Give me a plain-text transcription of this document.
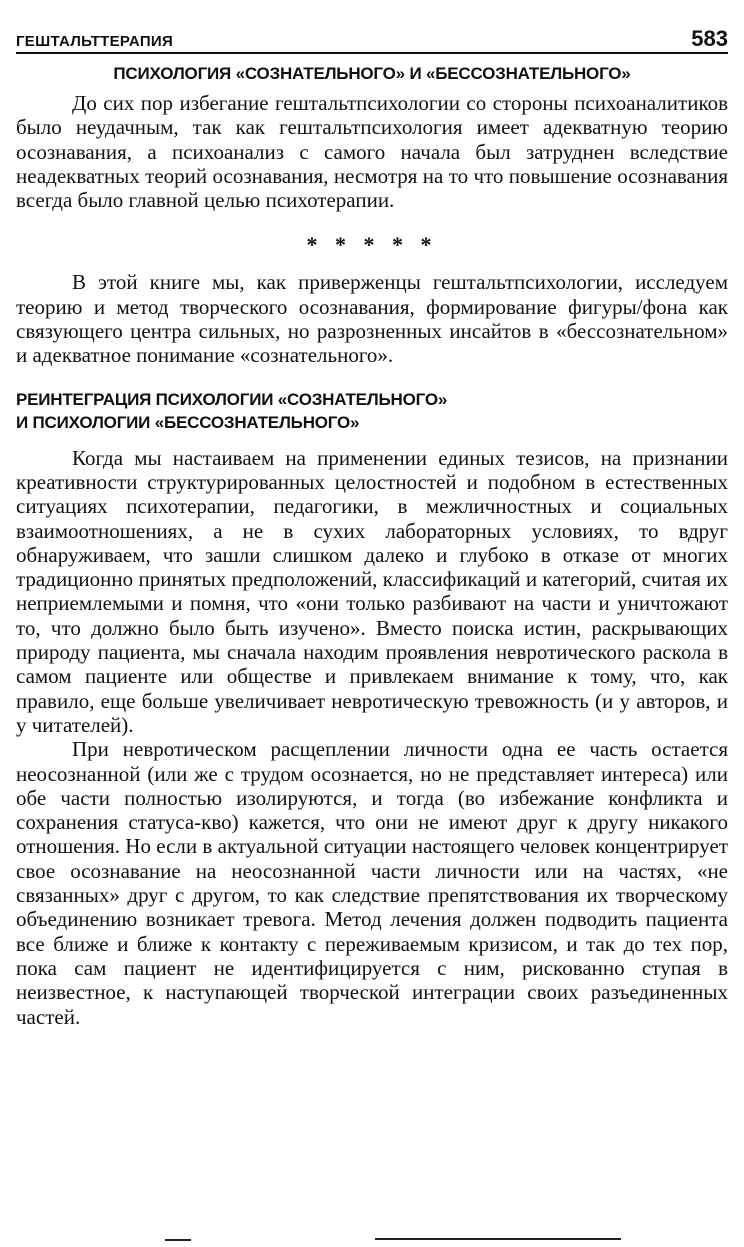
ГЕШТАЛЬТТЕРАПИЯ	583
ПСИХОЛОГИЯ «СОЗНАТЕЛЬНОГО» И «БЕССОЗНАТЕЛЬНОГО»

До сих пор избегание гештальтпсихологии со стороны психоаналитиков было неудачным, так как гештальтпсихология имеет адекватную теорию осознавания, а психоанализ с самого начала был затруднен вследствие неадекватных теорий осознавания, несмотря на то что повышение осознавания всегда было главной целью психотерапии.

* * * * *

В этой книге мы, как приверженцы гештальтпсихологии, исследуем теорию и метод творческого осознавания, формирование фигуры/фона как связующего центра сильных, но разрозненных инсайтов в «бессознательном» и адекватное понимание «сознательного».

РЕИНТЕГРАЦИЯ ПСИХОЛОГИИ «СОЗНАТЕЛЬНОГО»
И ПСИХОЛОГИИ «БЕССОЗНАТЕЛЬНОГО»

Когда мы настаиваем на применении единых тезисов, на признании креативности структурированных целостностей и подобном в естественных ситуациях психотерапии, педагогики, в межличностных и социальных взаимоотношениях, а не в сухих лабораторных условиях, то вдруг обнаруживаем, что зашли слишком далеко и глубоко в отказе от многих традиционно принятых предположений, классификаций и категорий, считая их неприемлемыми и помня, что «они только разбивают на части и уничтожают то, что должно было быть изучено». Вместо поиска истин, раскрывающих природу пациента, мы сначала находим проявления невротического раскола в самом пациенте или обществе и привлекаем внимание к тому, что, как правило, еще больше увеличивает невротическую тревожность (и у авторов, и у читателей).

При невротическом расщеплении личности одна ее часть остается неосознанной (или же с трудом осознается, но не представляет интереса) или обе части полностью изолируются, и тогда (во избежание конфликта и сохранения статуса-кво) кажется, что они не имеют друг к другу никакого отношения. Но если в актуальной ситуации настоящего человек концентрирует свое осознавание на неосознанной части личности или на частях, «не связанных» друг с другом, то как следствие препятствования их творческому объединению возникает тревога. Метод лечения должен подводить пациента все ближе и ближе к контакту с переживаемым кризисом, и так до тех пор, пока сам пациент не идентифицируется с ним, рискованно ступая в неизвестное, к наступающей творческой интеграции своих разъединенных частей.
